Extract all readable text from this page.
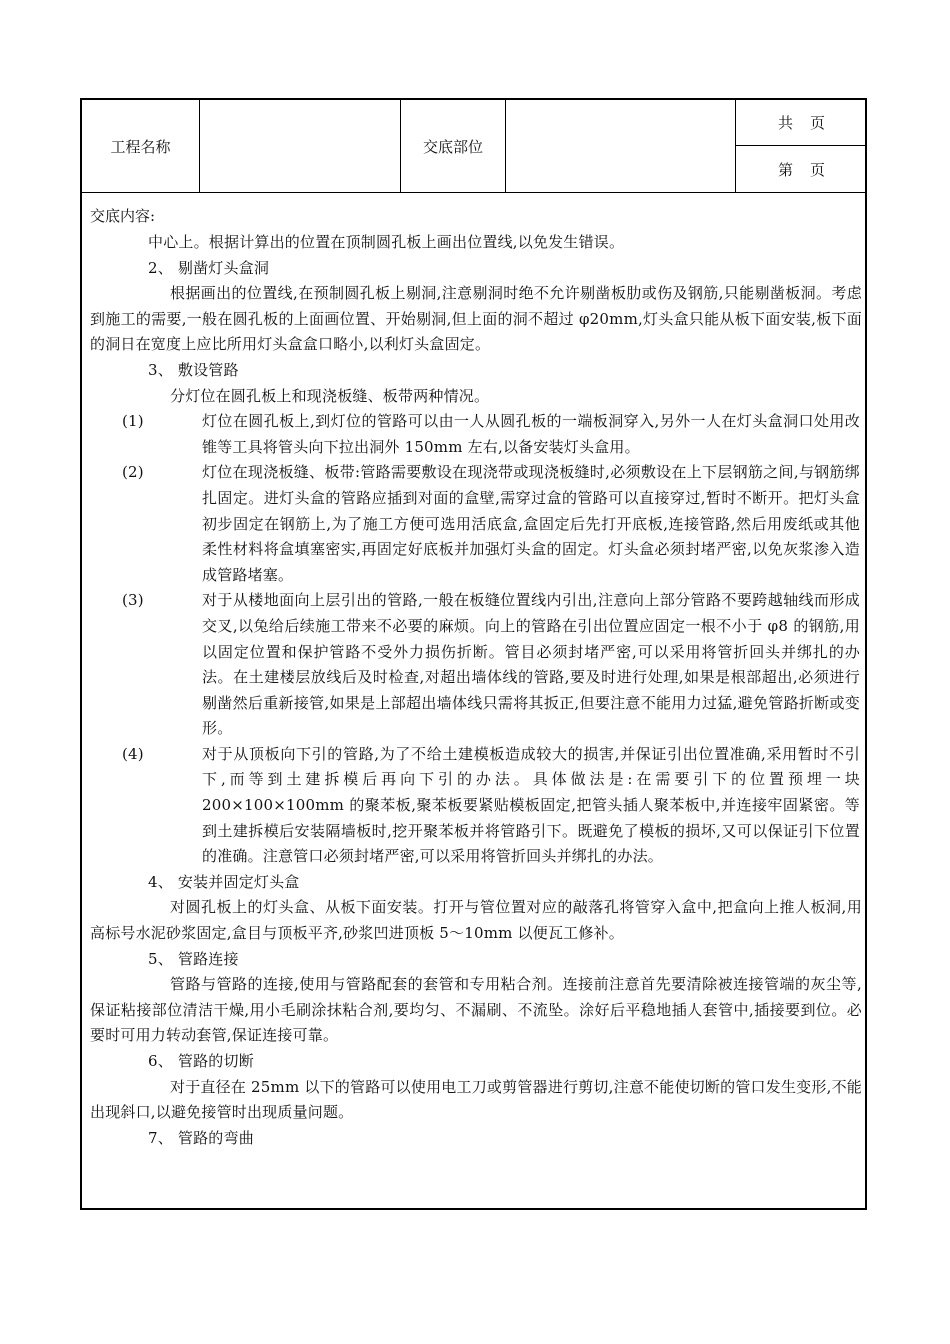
工程名称	交底部位
共 页
第 页
交底内容:
中心上。根据计算出的位置在顶制圆孔板上画出位置线,以免发生错误。
2、 剔凿灯头盒洞
根据画出的位置线,在预制圆孔板上剔洞,注意剔洞时绝不允许剔凿板肋或伤及钢筋,只能剔凿板洞。考虑到施工的需要,一般在圆孔板的上面画位置、开始剔洞,但上面的洞不超过 φ20mm,灯头盒只能从板下面安装,板下面的洞日在宽度上应比所用灯头盒盒口略小,以利灯头盒固定。
3、 敷设管路
分灯位在圆孔板上和现浇板缝、板带两种情况。
(1)	灯位在圆孔板上,到灯位的管路可以由一人从圆孔板的一端板洞穿入,另外一人在灯头盒洞口处用改锥等工具将管头向下拉出洞外 150mm 左右,以备安装灯头盒用。
(2)	灯位在现浇板缝、板带:管路需要敷设在现浇带或现浇板缝时,必须敷设在上下层钢筋之间,与钢筋绑扎固定。进灯头盒的管路应插到对面的盒壁,需穿过盒的管路可以直接穿过,暂时不断开。把灯头盒初步固定在钢筋上,为了施工方便可选用活底盒,盒固定后先打开底板,连接管路,然后用废纸或其他柔性材料将盒填塞密实,再固定好底板并加强灯头盒的固定。灯头盒必须封堵严密,以免灰浆渗入造成管路堵塞。
(3)	对于从楼地面向上层引出的管路,一般在板缝位置线内引出,注意向上部分管路不要跨越轴线而形成交叉,以兔给后续施工带来不必要的麻烦。向上的管路在引出位置应固定一根不小于 φ8 的钢筋,用以固定位置和保护管路不受外力损伤折断。管目必须封堵严密,可以采用将管折回头并绑扎的办法。在土建楼层放线后及时检查,对超出墙体线的管路,要及时进行处理,如果是根部超出,必须进行剔凿然后重新接管,如果是上部超出墙体线只需将其扳正,但要注意不能用力过猛,避免管路折断或变形。
(4)	对于从顶板向下引的管路,为了不给土建模板造成较大的损害,并保证引出位置准确,采用暂时不引下,而等到土建拆模后再向下引的办法。具体做法是:在需要引下的位置预埋一块200×100×100mm 的聚苯板,聚苯板要紧贴模板固定,把管头插人聚苯板中,并连接牢固紧密。等到土建拆模后安装隔墙板时,挖开聚苯板并将管路引下。既避免了模板的损坏,又可以保证引下位置的准确。注意管口必须封堵严密,可以采用将管折回头并绑扎的办法。
4、 安装并固定灯头盒
对圆孔板上的灯头盒、从板下面安装。打开与管位置对应的敲落孔将管穿入盒中,把盒向上推人板洞,用高标号水泥砂浆固定,盒目与顶板平齐,砂浆凹进顶板 5～10mm 以便瓦工修补。
5、 管路连接
管路与管路的连接,使用与管路配套的套管和专用粘合剂。连接前注意首先要清除被连接管端的灰尘等,保证粘接部位清洁干燥,用小毛刷涂抹粘合剂,要均匀、不漏刷、不流坠。涂好后平稳地插人套管中,插接要到位。必要时可用力转动套管,保证连接可靠。
6、 管路的切断
对于直径在 25mm 以下的管路可以使用电工刀或剪管器进行剪切,注意不能使切断的管口发生变形,不能出现斜口,以避免接管时出现质量问题。
7、 管路的弯曲
